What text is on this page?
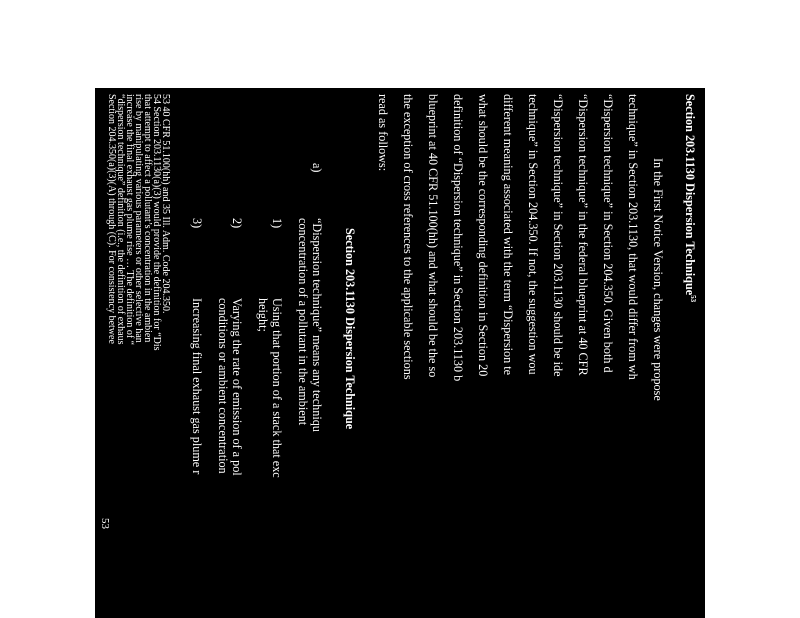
Section 203.1130 Dispersion Technique$^{53}$
In the First Notice Version, changes were propose
technique” in Section 203.1130, that would differ from wh
“Dispersion technique” in Section 204.350. Given both d
“Dispersion technique” in the federal blueprint at 40 CFR
“Dispersion technique” in Section 203.1130 should be ide
technique” in Section 204.350. If not, the suggestion wou
different meaning associated with the term “Dispersion te
what should be the corresponding definition in Section 20
definition of “Dispersion technique” in Section 203.1130 b
blueprint at 40 CFR 51.100(hh) and what should be the so
the exception of cross references to the applicable sections
read as follows:
Section 203.1130 Dispersion Technique
a)
“Dispersion technique” means any techniqu
concentration of a pollutant in the ambient
1)
Using that portion of a stack that exc
height;
2)
Varying the rate of emission of a pol
conditions or ambient concentration
3)
Increasing final exhaust gas plume r
53 40 CFR 51.100(hh) and 35 Ill. Adm. Code 204.350.
54 Section 203.1130(a)(3) would provide the definition for “Dis
that attempt to affect a pollutant’s concentration in the ambien
rise by manipulating various parameters or other selective han
increase the final exhaust gas plume rise … The definition of “
“dispersion technique” definition (i.e., the definition of exhaus
Section 204.350(a)(3)(A) through (C). For consistency betwee
53
